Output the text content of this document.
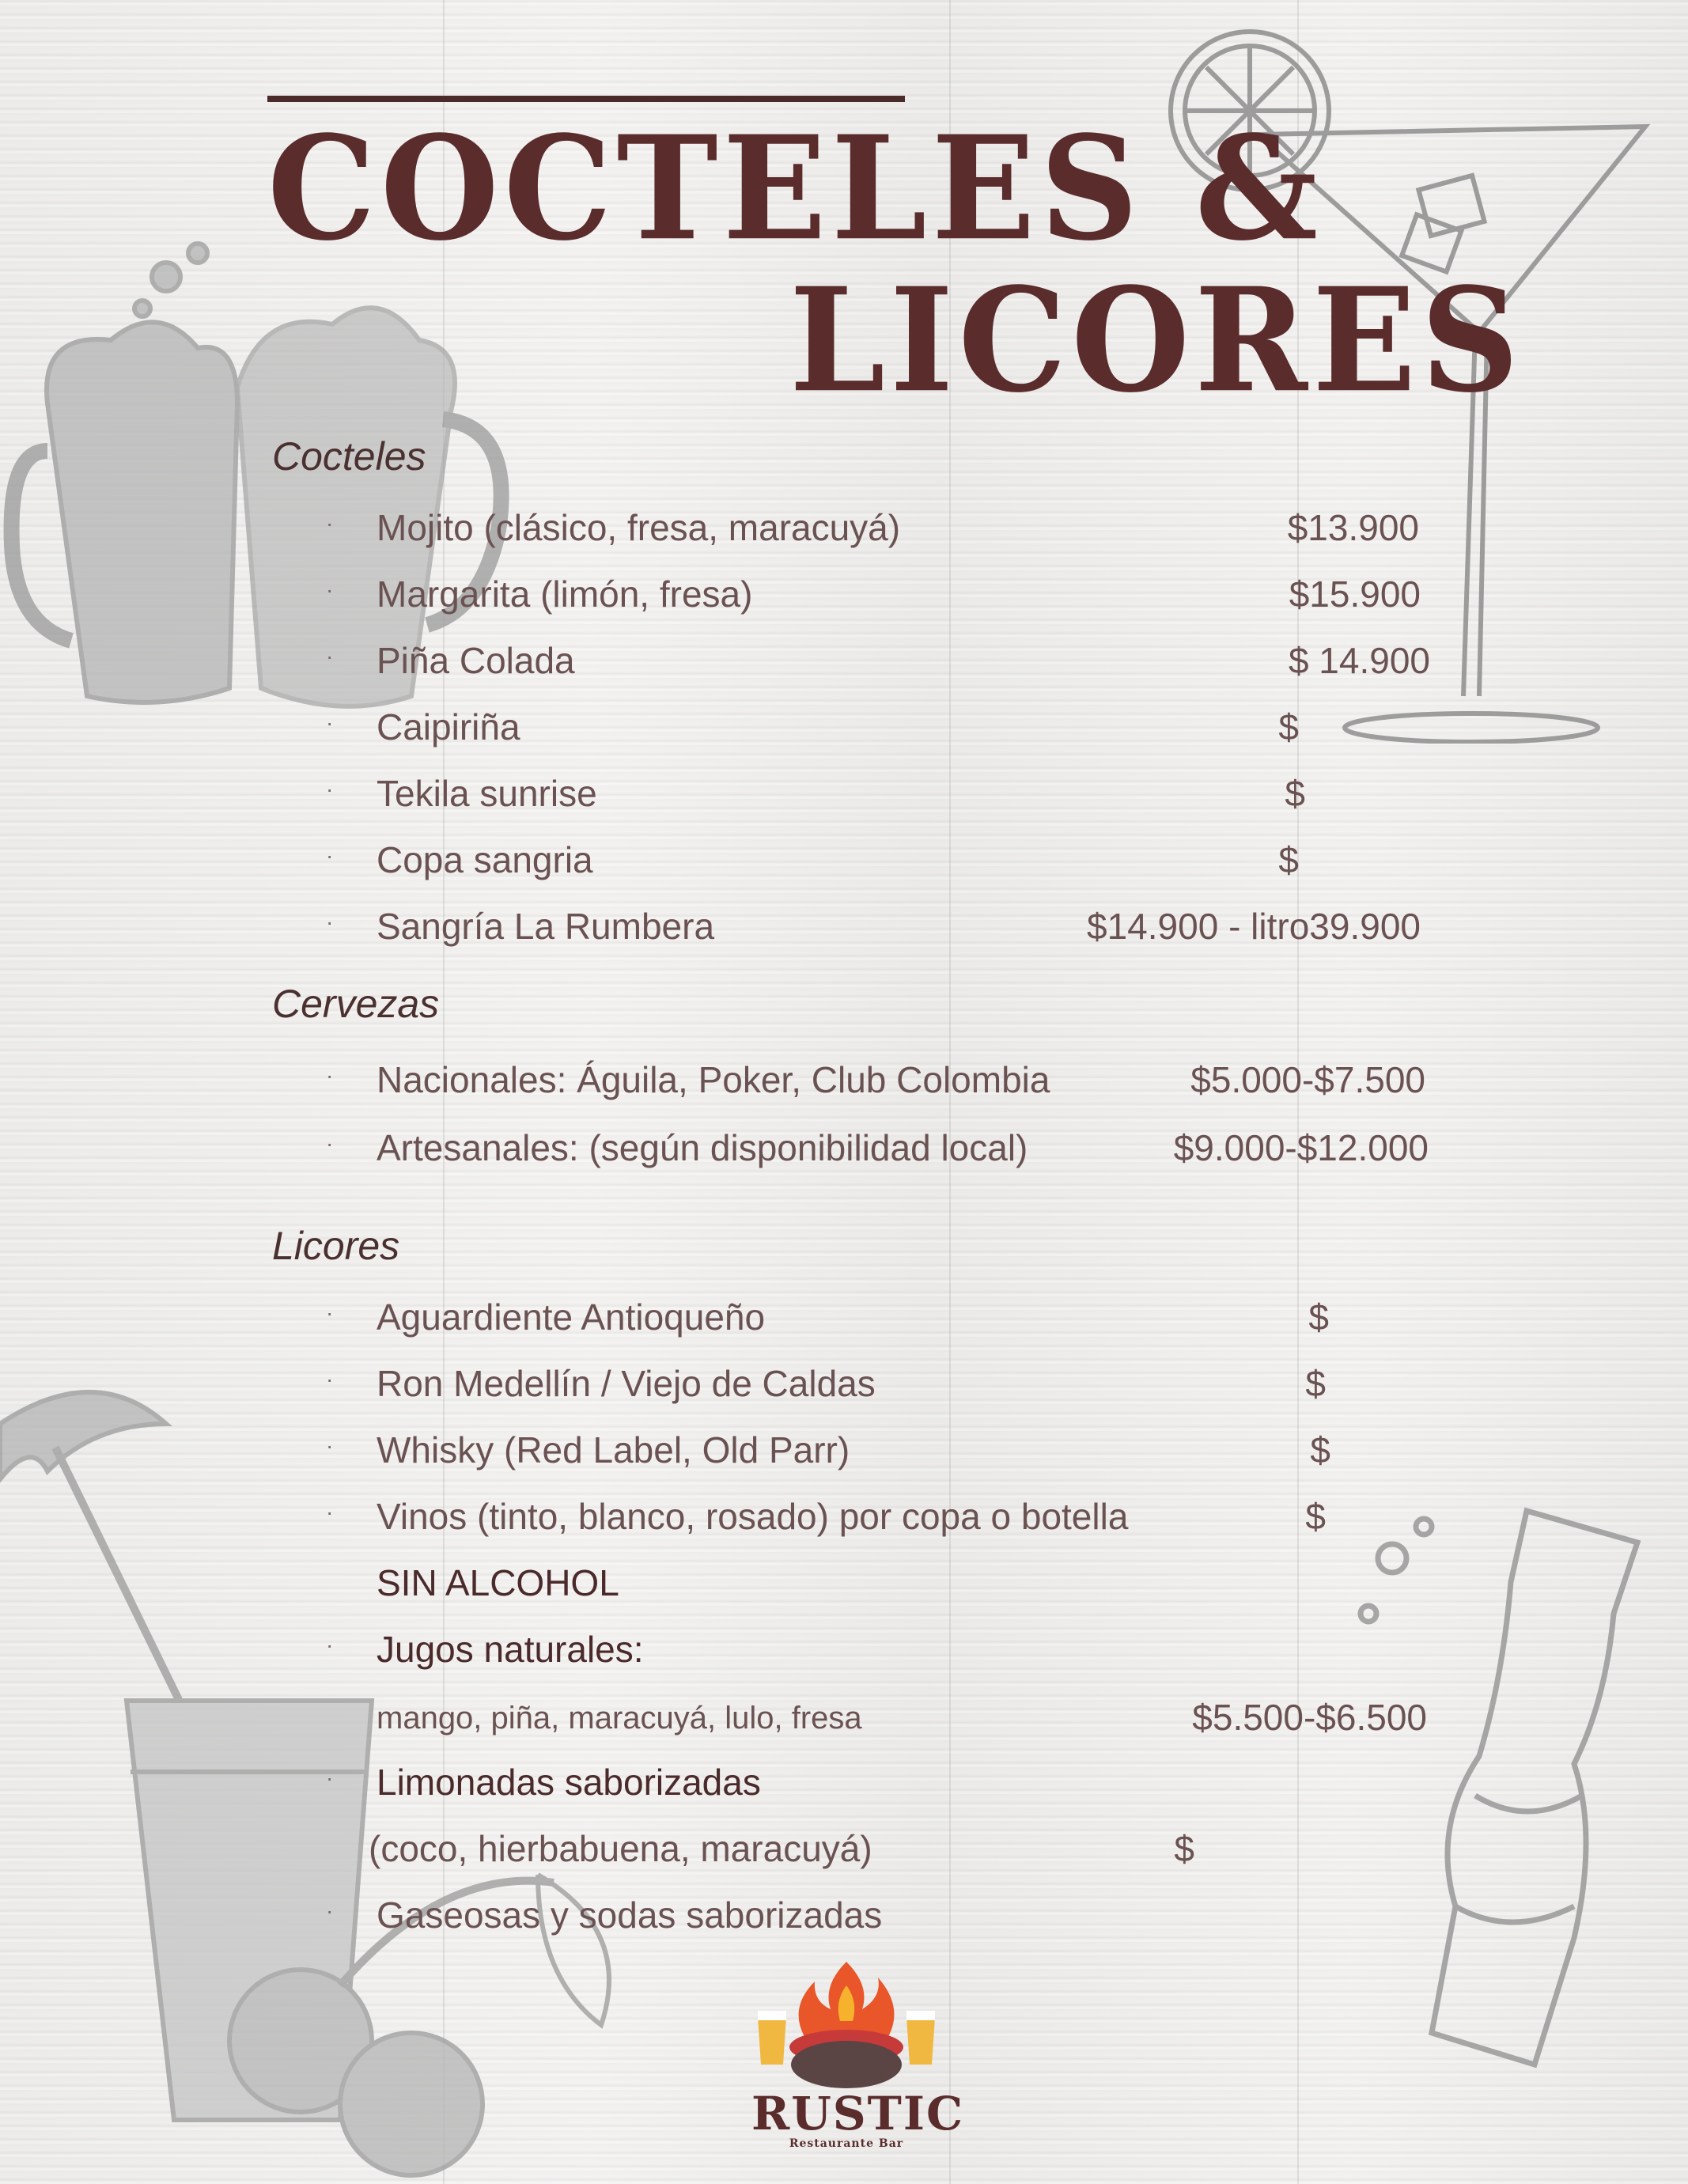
COCTELES &
LICORES
Cocteles
· Mojito (clásico, fresa, maracuyá)	$13.900
· Margarita (limón, fresa)	$15.900
· Piña Colada	$ 14.900
· Caipiriña	$
· Tekila sunrise	$
· Copa sangria	$
· Sangría La Rumbera	$14.900 - litro39.900
Cervezas
· Nacionales: Águila, Poker, Club Colombia	$5.000-$7.500
· Artesanales: (según disponibilidad local)	$9.000-$12.000
Licores
· Aguardiente Antioqueño	$
· Ron Medellín / Viejo de Caldas	$
· Whisky (Red Label, Old Parr)	$
· Vinos (tinto, blanco, rosado) por copa o botella	$
SIN ALCOHOL
· Jugos naturales:
mango, piña, maracuyá, lulo, fresa	$5.500-$6.500
· Limonadas saborizadas
(coco, hierbabuena, maracuyá)	$
· Gaseosas y sodas saborizadas
RUSTIC
Restaurante Bar
